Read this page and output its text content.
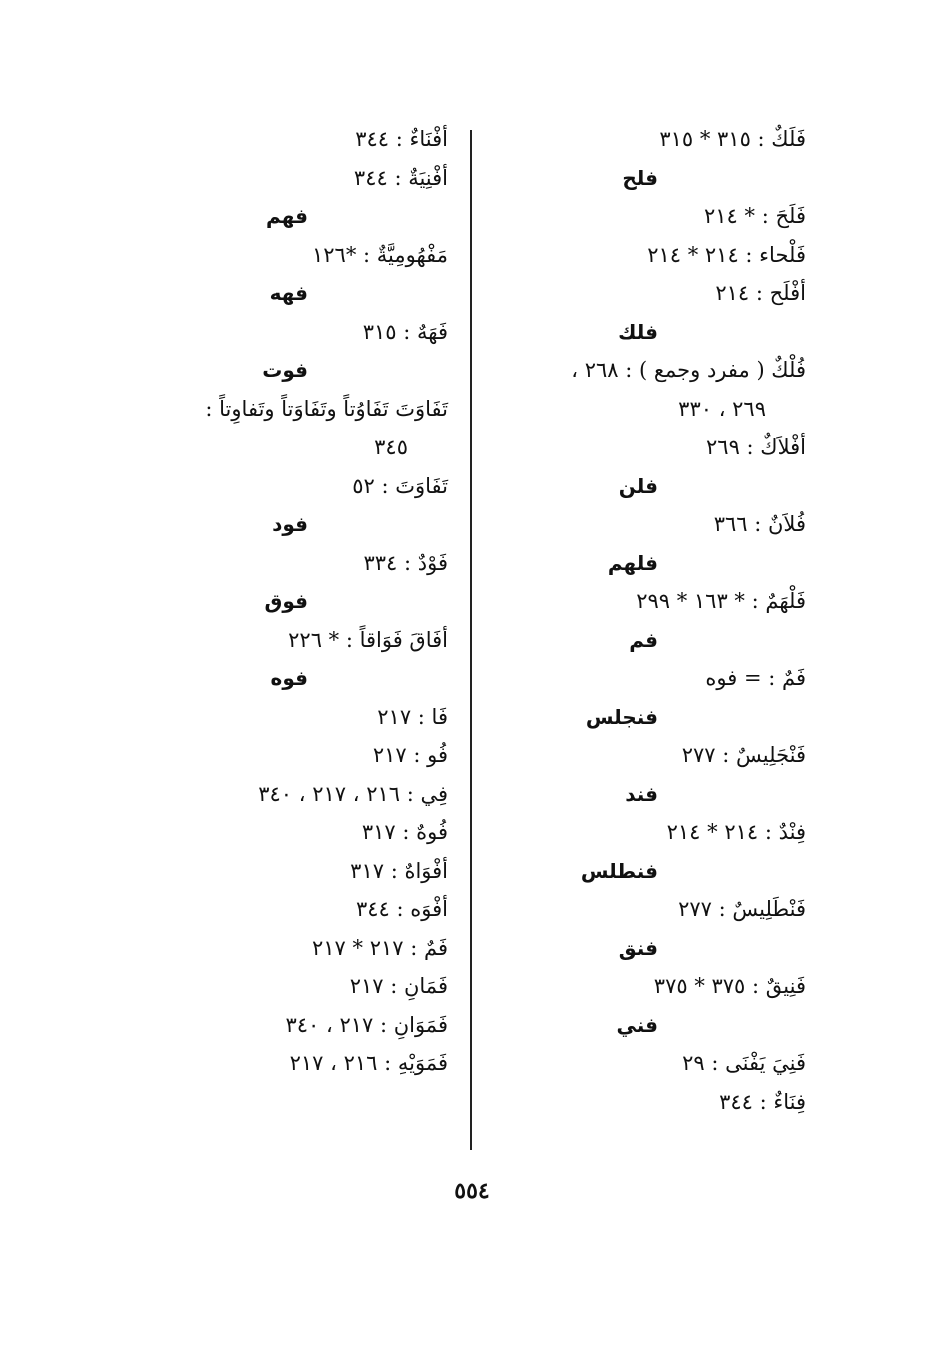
فَلَكٌ : ٣١٥ * ٣١٥
فلح
فَلَحَ : * ٢١٤
فَلْحاء : ٢١٤ * ٢١٤
أفْلَح : ٢١٤
فلك
فُلْكٌ ( مفرد وجمع ) : ٢٦٨ ،
٢٦٩ ، ٣٣٠
أفْلاَكٌ : ٢٦٩
فلن
فُلاَنٌ : ٣٦٦
فلهم
فَلْهَمٌ : * ١٦٣ * ٢٩٩
فم
فَمٌ : = فوه
فنجلس
فَنْجَلِيسٌ : ٢٧٧
فند
فِنْدٌ : ٢١٤ * ٢١٤
فنطلس
فَنْطَلِيسٌ : ٢٧٧
فنق
فَنِيقٌ : ٣٧٥ * ٣٧٥
فني
فَنِيَ يَفْنَى : ٢٩
فِنَاءٌ : ٣٤٤
أفْنَاءٌ : ٣٤٤
أفْنِيَةٌ : ٣٤٤
فهم
مَفْهُومِيَّةٌ : *١٢٦
فهه
فَهَهٌ : ٣١٥
فوت
تَفَاوَتَ تَفَاوُتاً وتَفَاوَتاً وتَفاوِتاً :
٣٤٥
تَفَاوَتَ : ٥٢
فود
فَوْدٌ : ٣٣٤
فوق
أفَاقَ فَوَاقاً : * ٢٢٦
فوه
فَا : ٢١٧
فُو : ٢١٧
فِي : ٢١٦ ، ٢١٧ ، ٣٤٠
فُوهٌ : ٣١٧
أفْوَاهٌ : ٣١٧
أفْوَه : ٣٤٤
فَمٌ : ٢١٧ * ٢١٧
فَمَانِ : ٢١٧
فَمَوَانِ : ٢١٧ ، ٣٤٠
فَمَوَيْهِ : ٢١٦ ، ٢١٧
٥٥٤
